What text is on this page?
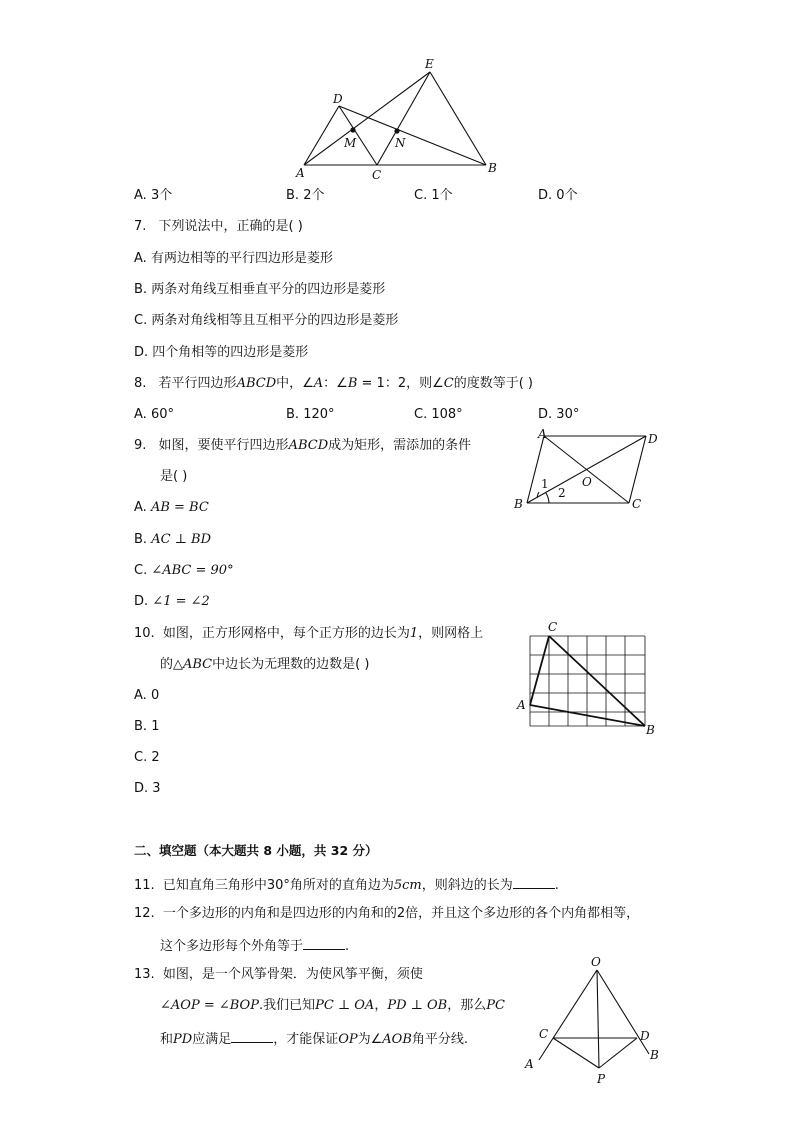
E
D
M	N
A	C	B
A. 3个	B. 2个	C. 1个	D. 0个
7. 下列说法中，正确的是( )
A. 有两边相等的平行四边形是菱形
B. 两条对角线互相垂直平分的四边形是菱形
C. 两条对角线相等且互相平分的四边形是菱形
D. 四个角相等的四边形是菱形
8. 若平行四边形ABCD中，∠A：∠B = 1：2，则∠C的度数等于( )
A. 60°	B. 120°	C. 108°	D. 30°
9. 如图，要使平行四边形ABCD成为矩形，需添加的条件
是( )
A	D
O
B	C
1
2
A. AB = BC
B. AC ⊥ BD
C. ∠ABC = 90°
D. ∠1 = ∠2
10. 如图，正方形网格中，每个正方形的边长为1，则网格上
的△ABC中边长为无理数的边数是( )
C
A
B
A. 0
B. 1
C. 2
D. 3
二、填空题（本大题共 8 小题，共 32 分）
11. 已知直角三角形中30°角所对的直角边为5cm，则斜边的长为	.
12. 一个多边形的内角和是四边形的内角和的2倍，并且这个多边形的各个内角都相等，
这个多边形每个外角等于	.
13. 如图，是一个风筝骨架．为使风筝平衡，须使
∠AOP = ∠BOP.我们已知PC ⊥ OA，PD ⊥ OB，那么PC
和PD应满足	，才能保证OP为∠AOB角平分线.
O
C	D
A
B
P
